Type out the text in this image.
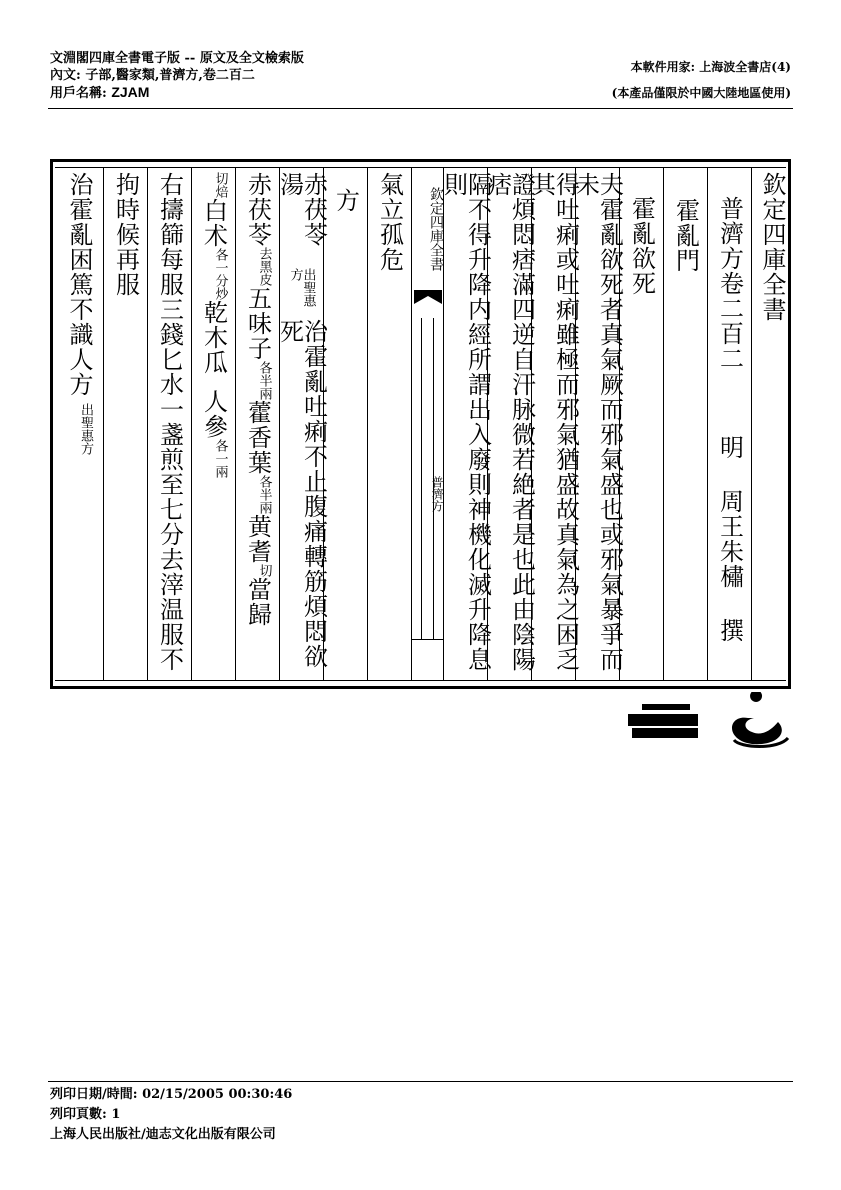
文淵閣四庫全書電子版 -- 原文及全文檢索版
內文: 子部,醫家類,普濟方,卷二百二
用戶名稱: ZJAM
本軟件用家: 上海波全書店(4)
(本產品僅限於中國大陸地區使用)
治霍亂困篤不識人方
出聖惠方
拘時候再服 右擣篩每服三錢匕水一盞煎至七分去滓温服不	切焙
白术
各一分炒
乾木瓜
人參
各一兩
赤茯苓
去黑皮
五味子
各半兩
藿香葉
各半兩
黄耆
切
當歸
赤茯苓湯
出聖惠方
治霍亂吐痢不止腹痛轉筋煩悶欲死
方 氣立孤危	欽定四庫全書
普濟方 隔不得升降内經所謂出入廢則神機化滅升降息則	證煩悶痞滿四逆自汗脉微若絶者是也此由陰陽痞	得吐痢或吐痢雖極而邪氣猶盛故真氣為之困乏其	夫霍亂欲死者真氣厥而邪氣盛也或邪氣暴爭而未
霍亂欲死 霍亂門 普濟方卷二百二
明 周王朱橚 撰
欽定四庫全書
列印日期/時間: 02/15/2005 00:30:46
列印頁數: 1
上海人民出版社/迪志文化出版有限公司
